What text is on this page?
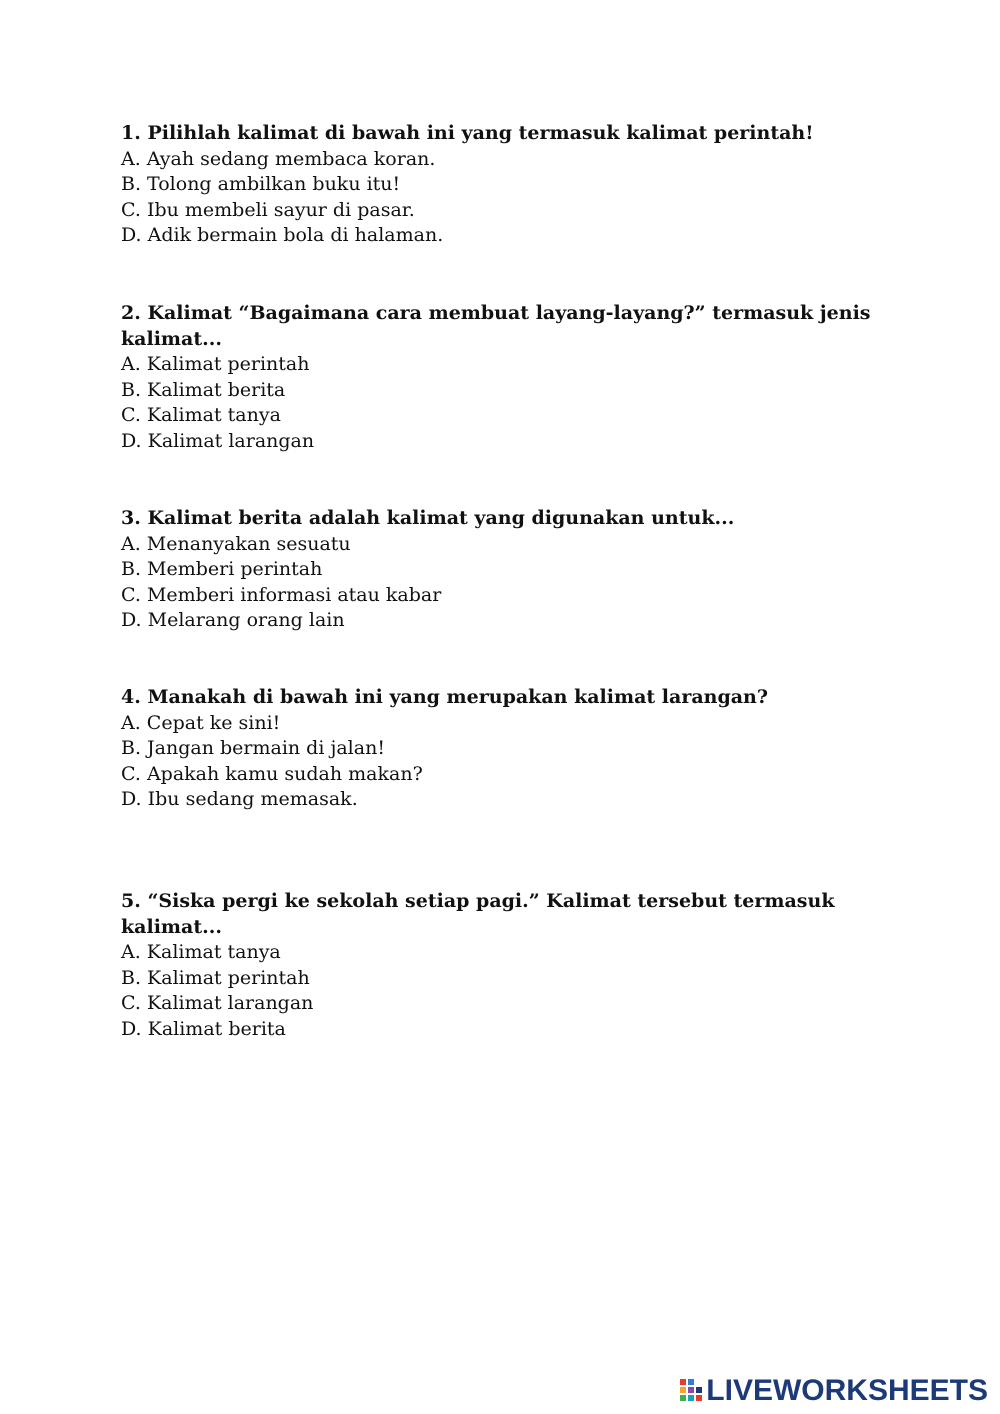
1. Pilihlah kalimat di bawah ini yang termasuk kalimat perintah!

A. Ayah sedang membaca koran.

B. Tolong ambilkan buku itu!

C. Ibu membeli sayur di pasar.

D. Adik bermain bola di halaman.

2. Kalimat “Bagaimana cara membuat layang-layang?” termasuk jenis kalimat...

A. Kalimat perintah

B. Kalimat berita

C. Kalimat tanya

D. Kalimat larangan

3. Kalimat berita adalah kalimat yang digunakan untuk...

A. Menanyakan sesuatu

B. Memberi perintah

C. Memberi informasi atau kabar

D. Melarang orang lain

4. Manakah di bawah ini yang merupakan kalimat larangan?

A. Cepat ke sini!

B. Jangan bermain di jalan!

C. Apakah kamu sudah makan?

D. Ibu sedang memasak.

5. “Siska pergi ke sekolah setiap pagi.” Kalimat tersebut termasuk kalimat...

A. Kalimat tanya

B. Kalimat perintah

C. Kalimat larangan

D. Kalimat berita

LIVEWORKSHEETS
